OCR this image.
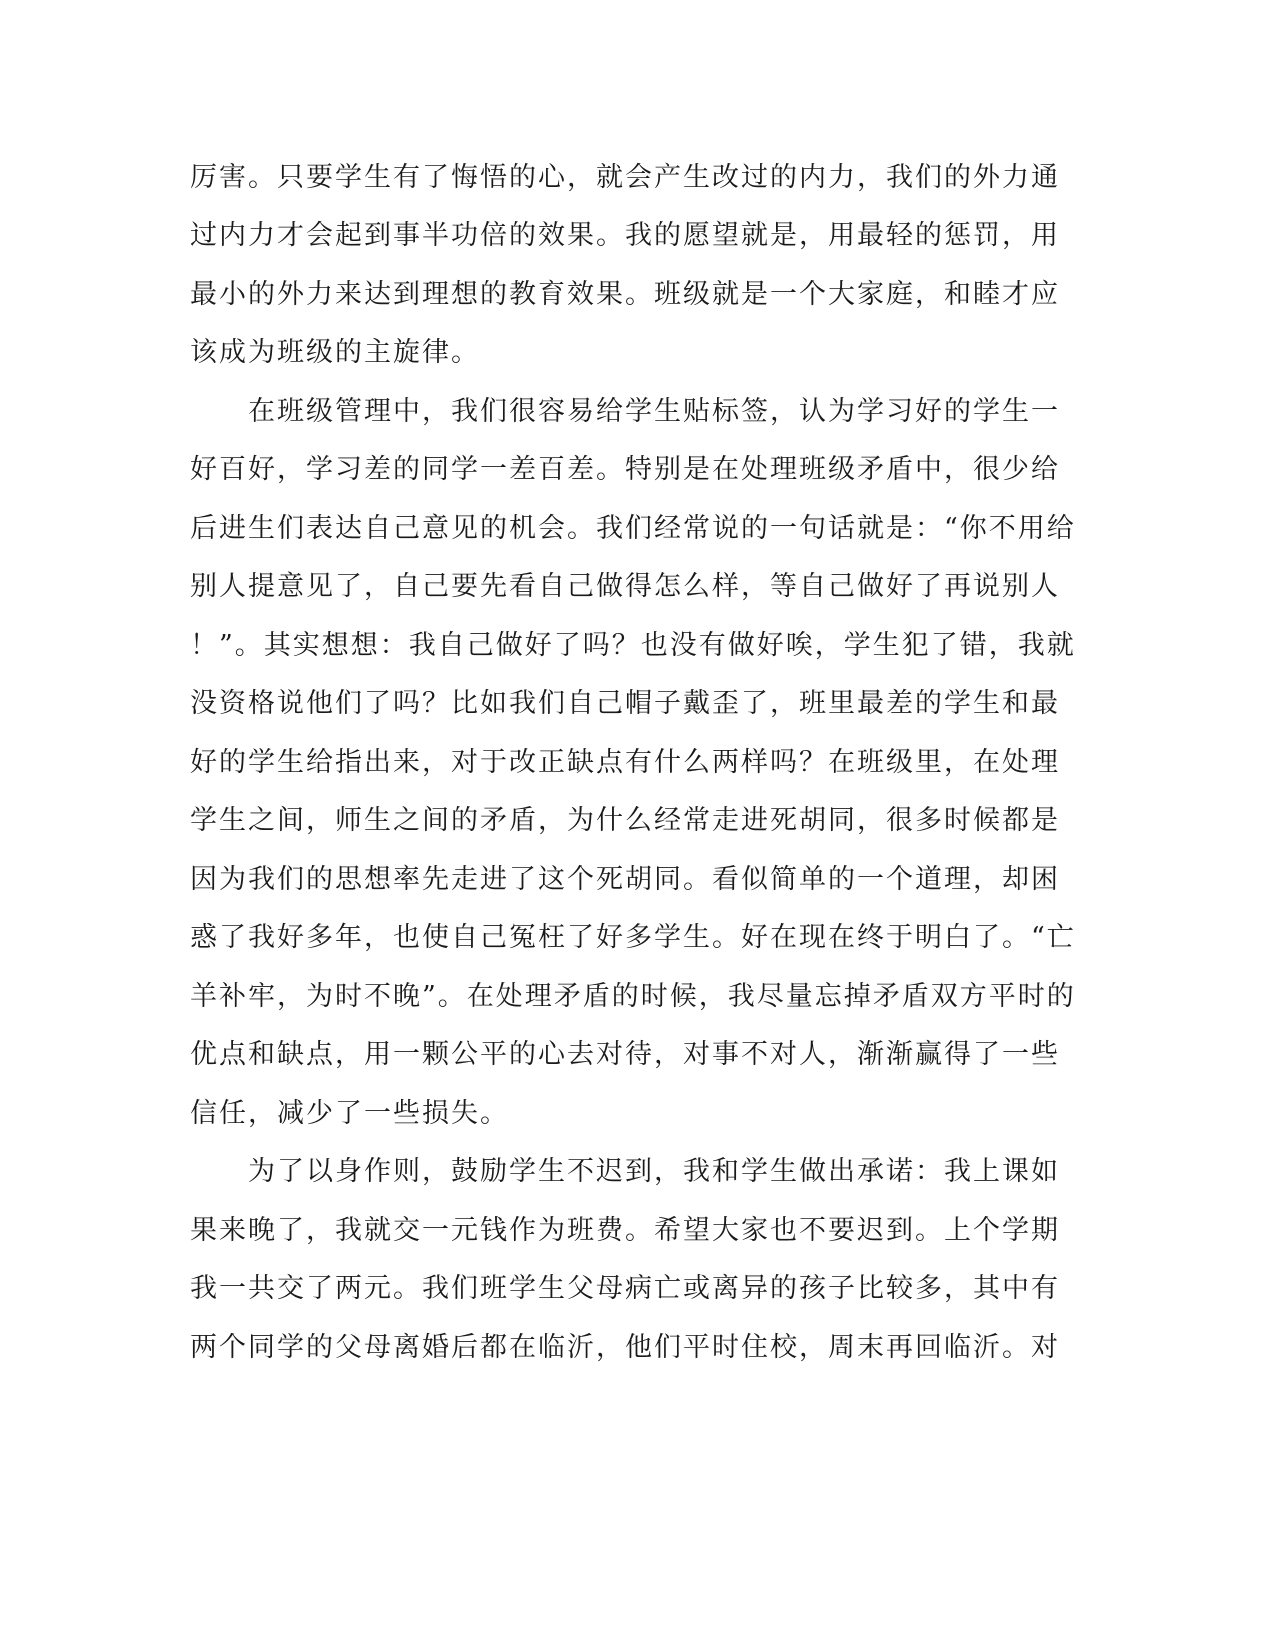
厉害。只要学生有了悔悟的心，就会产生改过的内力，我们的外力通
过内力才会起到事半功倍的效果。我的愿望就是，用最轻的惩罚，用
最小的外力来达到理想的教育效果。班级就是一个大家庭，和睦才应
该成为班级的主旋律。
　　在班级管理中，我们很容易给学生贴标签，认为学习好的学生一
好百好，学习差的同学一差百差。特别是在处理班级矛盾中，很少给
后进生们表达自己意见的机会。我们经常说的一句话就是：“你不用给
别人提意见了，自己要先看自己做得怎么样，等自己做好了再说别人
！”。其实想想：我自己做好了吗？也没有做好唉，学生犯了错，我就
没资格说他们了吗？比如我们自己帽子戴歪了，班里最差的学生和最
好的学生给指出来，对于改正缺点有什么两样吗？在班级里，在处理
学生之间，师生之间的矛盾，为什么经常走进死胡同，很多时候都是
因为我们的思想率先走进了这个死胡同。看似简单的一个道理，却困
惑了我好多年，也使自己冤枉了好多学生。好在现在终于明白了。“亡
羊补牢，为时不晚”。在处理矛盾的时候，我尽量忘掉矛盾双方平时的
优点和缺点，用一颗公平的心去对待，对事不对人，渐渐赢得了一些
信任，减少了一些损失。
　　为了以身作则，鼓励学生不迟到，我和学生做出承诺：我上课如
果来晚了，我就交一元钱作为班费。希望大家也不要迟到。上个学期
我一共交了两元。我们班学生父母病亡或离异的孩子比较多，其中有
两个同学的父母离婚后都在临沂，他们平时住校，周末再回临沂。对
